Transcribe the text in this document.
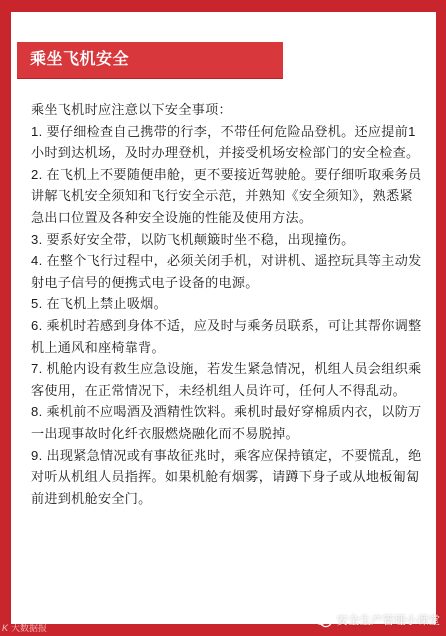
乘坐飞机安全

乘坐飞机时应注意以下安全事项：

1. 要仔细检查自己携带的行李，不带任何危险品登机。还应提前1小时到达机场，及时办理登机，并接受机场安检部门的安全检查。

2. 在飞机上不要随便串舱，更不要接近驾驶舱。要仔细听取乘务员讲解飞机安全须知和飞行安全示范，并熟知《安全须知》，熟悉紧急出口位置及各种安全设施的性能及使用方法。

3. 要系好安全带，以防飞机颠簸时坐不稳，出现撞伤。

4. 在整个飞行过程中，必须关闭手机，对讲机、遥控玩具等主动发射电子信号的便携式电子设备的电源。

5. 在飞机上禁止吸烟。

6. 乘机时若感到身体不适，应及时与乘务员联系，可让其帮你调整机上通风和座椅靠背。

7. 机舱内设有救生应急设施，若发生紧急情况，机组人员会组织乘客使用，在正常情况下，未经机组人员许可，任何人不得乱动。

8. 乘机前不应喝酒及酒精性饮料。乘机时最好穿棉质内衣，以防万一出现事故时化纤衣服燃烧融化而不易脱掉。

9. 出现紧急情况或有事故征兆时，乘客应保持镇定，不要慌乱，绝对听从机组人员指挥。如果机舱有烟雾，请蹲下身子或从地板匍匐前进到机舱安全门。

K 大数据报
安全生产管理小课堂
